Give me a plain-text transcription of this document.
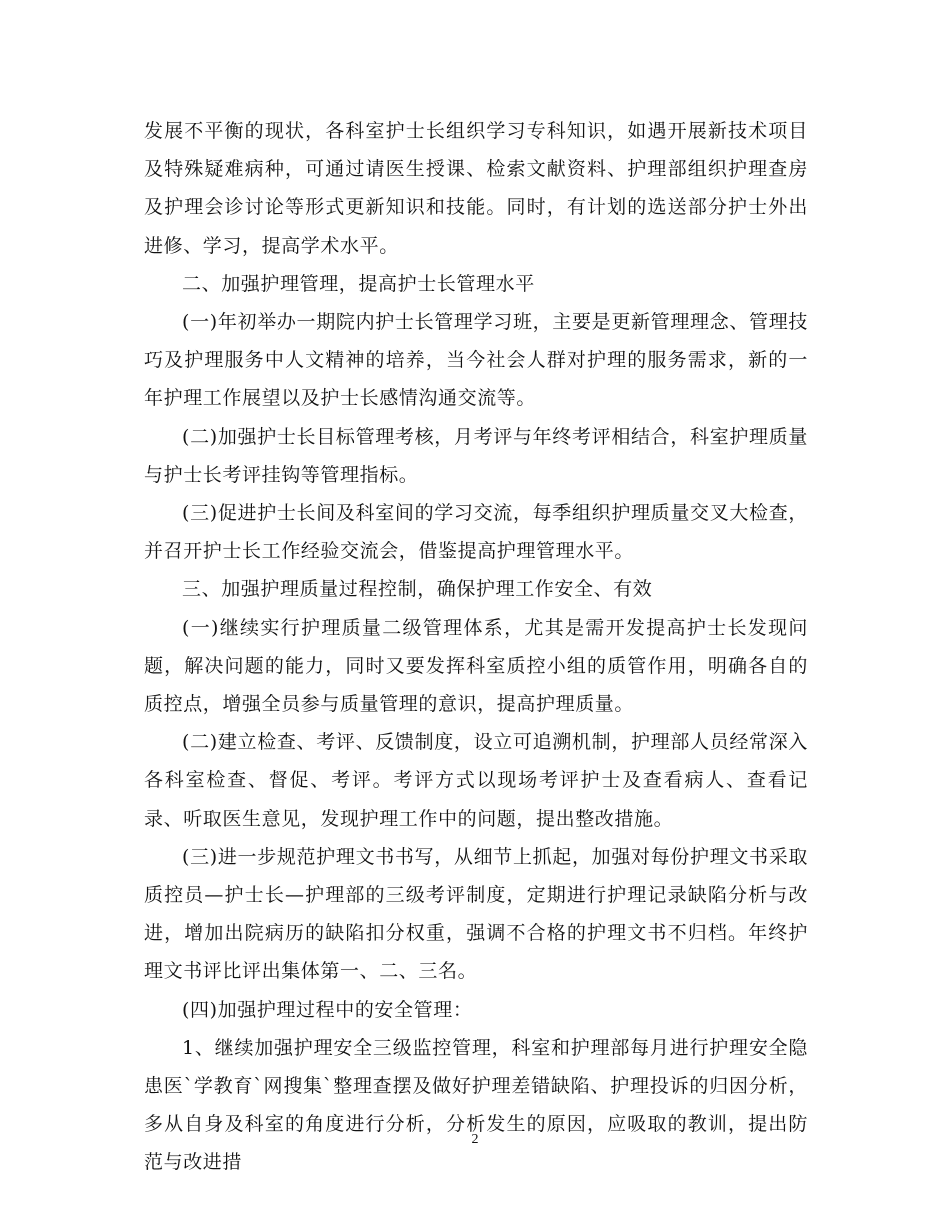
发展不平衡的现状，各科室护士长组织学习专科知识，如遇开展新技术项目及特殊疑难病种，可通过请医生授课、检索文献资料、护理部组织护理查房及护理会诊讨论等形式更新知识和技能。同时，有计划的选送部分护士外出进修、学习，提高学术水平。

二、加强护理管理，提高护士长管理水平

(一)年初举办一期院内护士长管理学习班，主要是更新管理理念、管理技巧及护理服务中人文精神的培养，当今社会人群对护理的服务需求，新的一年护理工作展望以及护士长感情沟通交流等。

(二)加强护士长目标管理考核，月考评与年终考评相结合，科室护理质量与护士长考评挂钩等管理指标。

(三)促进护士长间及科室间的学习交流，每季组织护理质量交叉大检查，并召开护士长工作经验交流会，借鉴提高护理管理水平。

三、加强护理质量过程控制，确保护理工作安全、有效

(一)继续实行护理质量二级管理体系，尤其是需开发提高护士长发现问题，解决问题的能力，同时又要发挥科室质控小组的质管作用，明确各自的质控点，增强全员参与质量管理的意识，提高护理质量。

(二)建立检查、考评、反馈制度，设立可追溯机制，护理部人员经常深入各科室检查、督促、考评。考评方式以现场考评护士及查看病人、查看记录、听取医生意见，发现护理工作中的问题，提出整改措施。

(三)进一步规范护理文书书写，从细节上抓起，加强对每份护理文书采取质控员—护士长—护理部的三级考评制度，定期进行护理记录缺陷分析与改进，增加出院病历的缺陷扣分权重，强调不合格的护理文书不归档。年终护理文书评比评出集体第一、二、三名。

(四)加强护理过程中的安全管理：

1、继续加强护理安全三级监控管理，科室和护理部每月进行护理安全隐患医`学教育`网搜集`整理查摆及做好护理差错缺陷、护理投诉的归因分析，多从自身及科室的角度进行分析，分析发生的原因，应吸取的教训，提出防范与改进措

2
